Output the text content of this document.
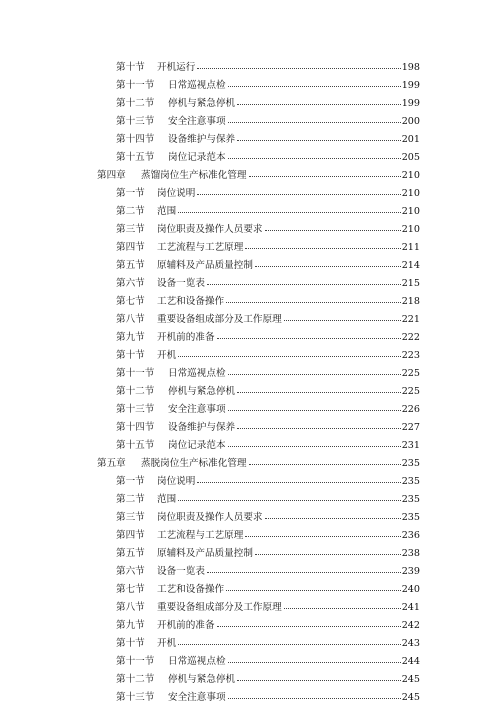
第十节	开机运行	198
第十一节	日常巡视点检	199
第十二节	停机与紧急停机	199
第十三节	安全注意事项	200
第十四节	设备维护与保养	201
第十五节	岗位记录范本	205
第四章	蒸馏岗位生产标准化管理	210
第一节	岗位说明	210
第二节	范围	210
第三节	岗位职责及操作人员要求	210
第四节	工艺流程与工艺原理	211
第五节	原辅料及产品质量控制	214
第六节	设备一览表	215
第七节	工艺和设备操作	218
第八节	重要设备组成部分及工作原理	221
第九节	开机前的准备	222
第十节	开机	223
第十一节	日常巡视点检	225
第十二节	停机与紧急停机	225
第十三节	安全注意事项	226
第十四节	设备维护与保养	227
第十五节	岗位记录范本	231
第五章	蒸脱岗位生产标准化管理	235
第一节	岗位说明	235
第二节	范围	235
第三节	岗位职责及操作人员要求	235
第四节	工艺流程与工艺原理	236
第五节	原辅料及产品质量控制	238
第六节	设备一览表	239
第七节	工艺和设备操作	240
第八节	重要设备组成部分及工作原理	241
第九节	开机前的准备	242
第十节	开机	243
第十一节	日常巡视点检	244
第十二节	停机与紧急停机	245
第十三节	安全注意事项	245
